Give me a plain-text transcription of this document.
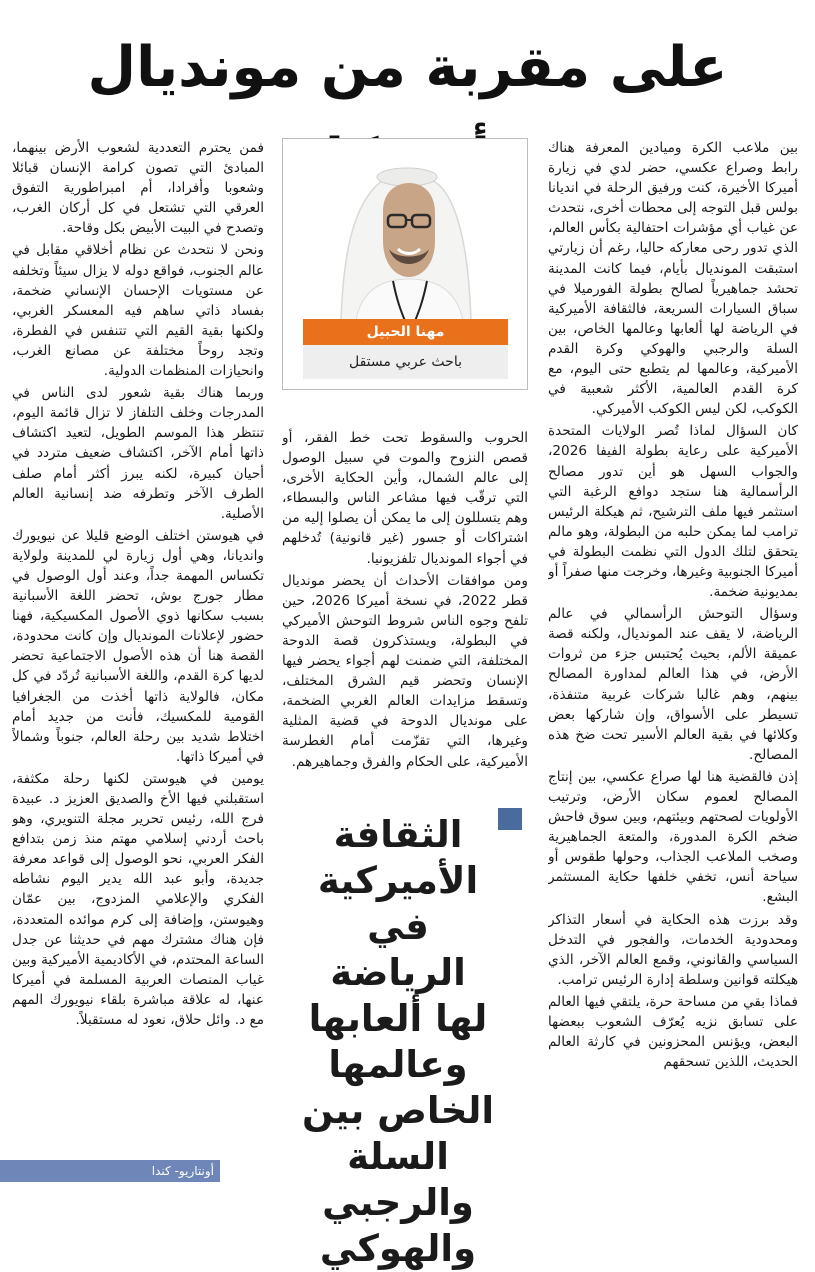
على مقربة من مونديال

بين ملاعب الكرة وميادين المعرفة هناك رابط وصراع عكسي، حضر لدي في زيارة أميركا الأخيرة، كنت ورفيق الرحلة في انديانا بولس قبل التوجه إلى محطات أخرى، نتحدث عن غياب أي مؤشرات احتفالية بكأس العالم، الذي تدور رحى معاركه حاليا، رغم أن زيارتي استبقت المونديال بأيام، فيما كانت المدينة تحشد جماهيرياً لصالح بطولة الفورميلا في سباق السيارات السريعة، فالثقافة الأميركية في الرياضة لها ألعابها وعالمها الخاص، بين السلة والرجبي والهوكي وكرة القدم الأميركية، وعالمها لم يتطبع حتى اليوم، مع كرة القدم العالمية، الأكثر شعبية في الكوكب، لكن ليس الكوكب الأميركي.

كان السؤال لماذا تُصر الولايات المتحدة الأميركية على رعاية بطولة الفيفا 2026، والجواب السهل هو أين تدور مصالح الرأسمالية هنا ستجد دوافع الرغبة التي استثمر فيها ملف الترشيح، ثم هيكلة الرئيس ترامب لما يمكن حلبه من البطولة، وهو مالم يتحقق لتلك الدول التي نظمت البطولة في أميركا الجنوبية وغيرها، وخرجت منها صفراً أو بمديونية ضخمة.

وسؤال التوحش الرأسمالي في عالم الرياضة، لا يقف عند المونديال، ولكنه قصة عميقة الألم، بحيث يُحتبس جزء من ثروات الأرض، في هذا العالم لمداورة المصالح بينهم، وهم غالبا شركات غربية متنفذة، تسيطر على الأسواق، وإن شاركها بعض وكلائها في بقية العالم الأسير تحت ضخ هذه المصالح.

إذن فالقضية هنا لها صراع عكسي، بين إنتاج المصالح لعموم سكان الأرض، وترتيب الأولويات لصحتهم وبيئتهم، وبين سوق فاحش ضخم الكرة المدورة، والمتعة الجماهيرية وصخب الملاعب الجذاب، وحولها طقوس أو سياحة أنس، تخفي خلفها حكاية المستثمر البشع.

وقد برزت هذه الحكاية في أسعار التذاكر ومحدودية الخدمات، والفجور في التدخل السياسي والقانوني، وقمع العالم الآخر، الذي هيكلته قوانين وسلطة إدارة الرئيس ترامب.

فماذا بقي من مساحة حرة، يلتقي فيها العالم على تسابق نزيه يُعرّف الشعوب ببعضها البعض، ويؤنس المحزونين في كارثة العالم الحديث، اللذين تسحقهم

مهنا الحبيل
باحث عربي مستقل

الحروب والسقوط تحت خط الفقر، أو قصص النزوح والموت في سبيل الوصول إلى عالم الشمال، وأين الحكاية الأخرى، التي ترقّب فيها مشاعر الناس والبسطاء، وهم يتسللون إلى ما يمكن أن يصلوا إليه من اشتراكات أو جسور (غير قانونية) تُدخلهم في أجواء المونديال تلفزيونيا.

ومن موافقات الأحداث أن يحضر مونديال قطر 2022، في نسخة أميركا 2026، حين تلفح وجوه الناس شروط التوحش الأميركي في البطولة، ويستذكرون قصة الدوحة المختلفة، التي ضمنت لهم أجواء يحضر فيها الإنسان وتحضر قيم الشرق المختلف، وتسقط مزايدات العالم الغربي الضخمة، على مونديال الدوحة في قضية المثلية وغيرها، التي تقزّمت أمام الغطرسة الأميركية، على الحكام والفرق وجماهيرهم.

الثقافة الأميركية في الرياضة لها ألعابها وعالمها الخاص بين السلة والرجبي والهوكي

فمن يحترم التعددية لشعوب الأرض بينهما، المبادئ التي تصون كرامة الإنسان قبائلا وشعوبا وأفرادا، أم امبراطورية التفوق العرقي التي تشتعل في كل أركان الغرب، وتصدح في البيت الأبيض بكل وقاحة.

ونحن لا نتحدث عن نظام أخلاقي مقابل في عالم الجنوب، فواقع دوله لا يزال سيئاً وتخلفه عن مستويات الإحسان الإنساني ضخمة، بفساد ذاتي ساهم فيه المعسكر الغربي، ولكنها بقية القيم التي تتنفس في الفطرة، وتجد روحاً مختلفة عن مصانع الغرب، وانحيازات المنظمات الدولية.

وربما هناك بقية شعور لدى الناس في المدرجات وخلف التلفاز لا تزال قائمة اليوم، تنتظر هذا الموسم الطويل، لتعيد اكتشاف ذاتها أمام الآخر، اكتشاف ضعيف متردد في أحيان كبيرة، لكنه يبرز أكثر أمام صلف الطرف الآخر وتطرفه ضد إنسانية العالم الأصلية.

في هيوستن اختلف الوضع قليلا عن نيويورك وانديانا، وهي أول زيارة لي للمدينة ولولاية تكساس المهمة جداً، وعند أول الوصول في مطار جورج بوش، تحضر اللغة الأسبانية بسبب سكانها ذوي الأصول المكسيكية، فهنا حضور لإعلانات المونديال وإن كانت محدودة، القصة هنا أن هذه الأصول الاجتماعية تحضر لديها كرة القدم، واللغة الأسبانية تُردّد في كل مكان، فالولاية ذاتها أخذت من الجغرافيا القومية للمكسيك، فأنت من جديد أمام اختلاط شديد بين رحلة العالم، جنوباً وشمالاً في أميركا ذاتها.

يومين في هيوستن لكنها رحلة مكثفة، استقبلني فيها الأخ والصديق العزيز د. عبيدة فرج الله، رئيس تحرير مجلة التنويري، وهو باحث أردني إسلامي مهتم منذ زمن بتدافع الفكر العربي، نحو الوصول إلى قواعد معرفة جديدة، وأبو عبد الله يدير اليوم نشاطه الفكري والإعلامي المزدوج، بين عمّان وهيوستن، وإضافة إلى كرم موائده المتعددة، فإن هناك مشترك مهم في حديثنا عن جدل الساعة المحتدم، في الأكاديمية الأميركية وبين غياب المنصات العربية المسلمة في أميركا عنها، له علاقة مباشرة بلقاء نيويورك المهم مع د. وائل حلاق، نعود له مستقبلاً.

أونتاريو- كندا
